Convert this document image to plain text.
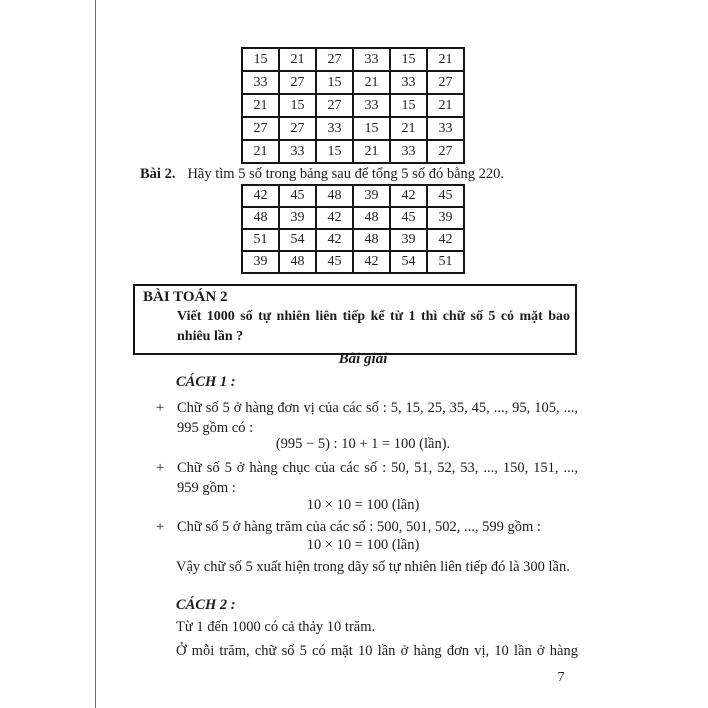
15	21	27	33	15	21
33	27	15	21	33	27
21	15	27	33	15	21
27	27	33	15	21	33
21	33	15	21	33	27
Bài 2. Hãy tìm 5 số trong bảng sau để tổng 5 số đó bằng 220.
42	45	48	39	42	45
48	39	42	48	45	39
51	54	42	48	39	42
39	48	45	42	54	51
BÀI TOÁN 2
Viết 1000 số tự nhiên liên tiếp kể từ 1 thì chữ số 5 có mặt bao nhiêu lần ?
Bài giải
CÁCH 1 :
+ Chữ số 5 ở hàng đơn vị của các số : 5, 15, 25, 35, 45, ..., 95, 105, ..., 995 gồm có :
(995 − 5) : 10 + 1 = 100 (lần).
+ Chữ số 5 ở hàng chục của các số : 50, 51, 52, 53, ..., 150, 151, ..., 959 gồm :
10 × 10 = 100 (lần)
+ Chữ số 5 ở hàng trăm của các số : 500, 501, 502, ..., 599 gồm :
10 × 10 = 100 (lần)
Vậy chữ số 5 xuất hiện trong dãy số tự nhiên liên tiếp đó là 300 lần.
CÁCH 2 :
Từ 1 đến 1000 có cả thảy 10 trăm.
Ở mỗi trăm, chữ số 5 có mặt 10 lần ở hàng đơn vị, 10 lần ở hàng
7
